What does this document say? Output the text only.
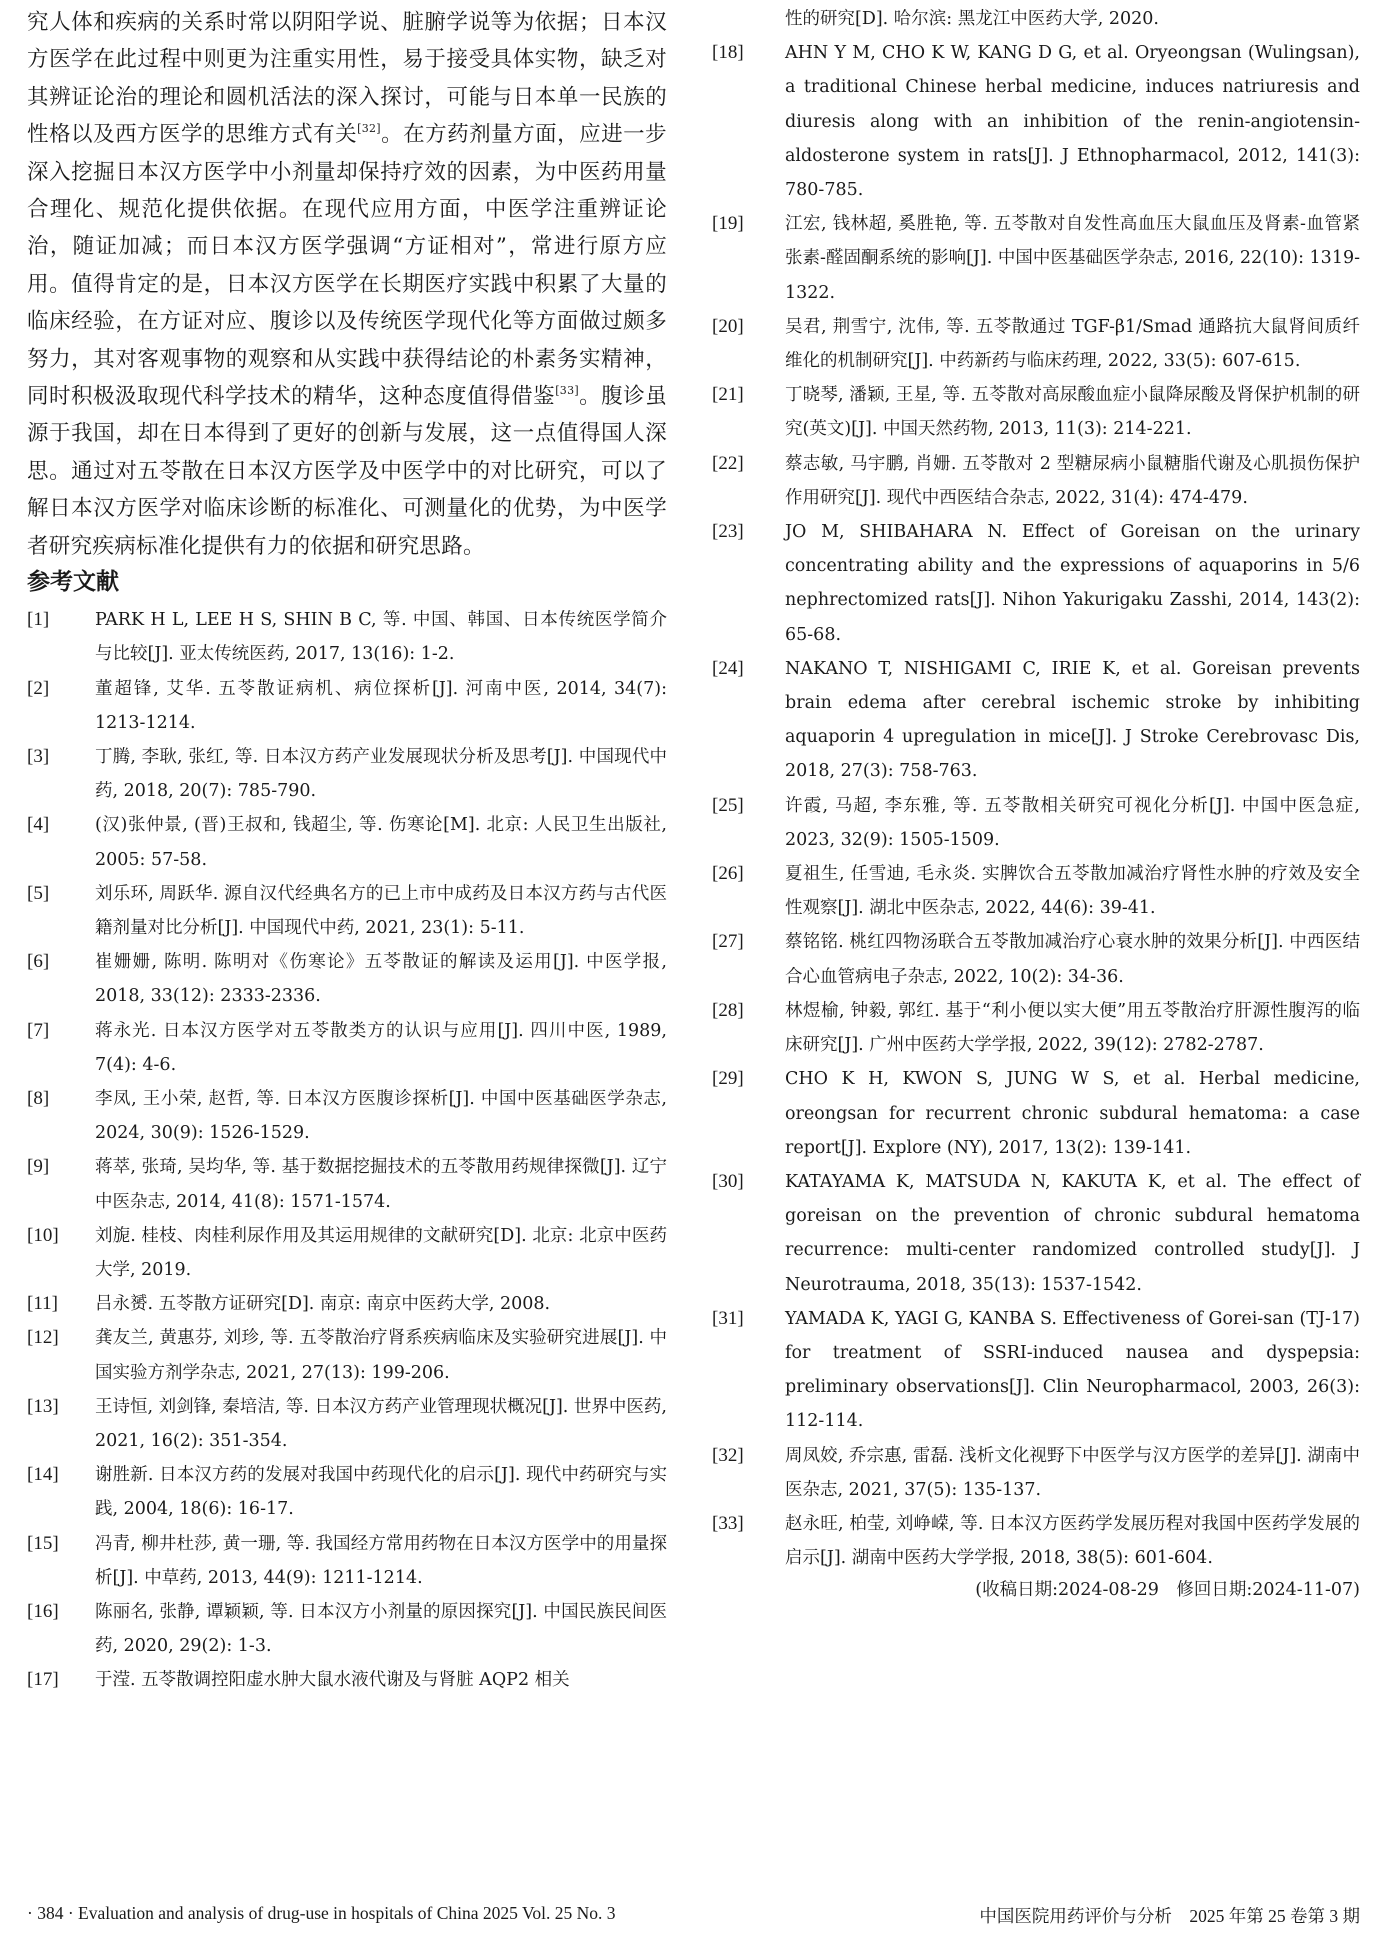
究人体和疾病的关系时常以阴阳学说、脏腑学说等为依据；日本汉方医学在此过程中则更为注重实用性，易于接受具体实物，缺乏对其辨证论治的理论和圆机活法的深入探讨，可能与日本单一民族的性格以及西方医学的思维方式有关[32]。在方药剂量方面，应进一步深入挖掘日本汉方医学中小剂量却保持疗效的因素，为中医药用量合理化、规范化提供依据。在现代应用方面，中医学注重辨证论治，随证加减；而日本汉方医学强调“方证相对”，常进行原方应用。值得肯定的是，日本汉方医学在长期医疗实践中积累了大量的临床经验，在方证对应、腹诊以及传统医学现代化等方面做过颇多努力，其对客观事物的观察和从实践中获得结论的朴素务实精神，同时积极汲取现代科学技术的精华，这种态度值得借鉴[33]。腹诊虽源于我国，却在日本得到了更好的创新与发展，这一点值得国人深思。通过对五苓散在日本汉方医学及中医学中的对比研究，可以了解日本汉方医学对临床诊断的标准化、可测量化的优势，为中医学者研究疾病标准化提供有力的依据和研究思路。

参考文献
[1]	PARK H L, LEE H S, SHIN B C, 等. 中国、韩国、日本传统医学简介与比较[J]. 亚太传统医药, 2017, 13(16): 1-2.
[2]	董超锋, 艾华. 五苓散证病机、病位探析[J]. 河南中医, 2014, 34(7): 1213-1214.
[3]	丁腾, 李耿, 张红, 等. 日本汉方药产业发展现状分析及思考[J]. 中国现代中药, 2018, 20(7): 785-790.
[4]	(汉)张仲景, (晋)王叔和, 钱超尘, 等. 伤寒论[M]. 北京: 人民卫生出版社, 2005: 57-58.
[5]	刘乐环, 周跃华. 源自汉代经典名方的已上市中成药及日本汉方药与古代医籍剂量对比分析[J]. 中国现代中药, 2021, 23(1): 5-11.
[6]	崔姗姗, 陈明. 陈明对《伤寒论》五苓散证的解读及运用[J]. 中医学报, 2018, 33(12): 2333-2336.
[7]	蒋永光. 日本汉方医学对五苓散类方的认识与应用[J]. 四川中医, 1989, 7(4): 4-6.
[8]	李凤, 王小荣, 赵哲, 等. 日本汉方医腹诊探析[J]. 中国中医基础医学杂志, 2024, 30(9): 1526-1529.
[9]	蒋萃, 张琦, 吴均华, 等. 基于数据挖掘技术的五苓散用药规律探微[J]. 辽宁中医杂志, 2014, 41(8): 1571-1574.
[10] 刘旎. 桂枝、肉桂利尿作用及其运用规律的文献研究[D]. 北京: 北京中医药大学, 2019.
[11] 吕永赟. 五苓散方证研究[D]. 南京: 南京中医药大学, 2008.
[12] 龚友兰, 黄惠芬, 刘珍, 等. 五苓散治疗肾系疾病临床及实验研究进展[J]. 中国实验方剂学杂志, 2021, 27(13): 199-206.
[13] 王诗恒, 刘剑锋, 秦培洁, 等. 日本汉方药产业管理现状概况[J]. 世界中医药, 2021, 16(2): 351-354.
[14] 谢胜新. 日本汉方药的发展对我国中药现代化的启示[J]. 现代中药研究与实践, 2004, 18(6): 16-17.
[15] 冯青, 柳井杜莎, 黄一珊, 等. 我国经方常用药物在日本汉方医学中的用量探析[J]. 中草药, 2013, 44(9): 1211-1214.
[16] 陈丽名, 张静, 谭颖颖, 等. 日本汉方小剂量的原因探究[J]. 中国民族民间医药, 2020, 29(2): 1-3.
[17] 于滢. 五苓散调控阳虚水肿大鼠水液代谢及与肾脏 AQP2 相关
性的研究[D]. 哈尔滨: 黑龙江中医药大学, 2020.
[18] AHN Y M, CHO K W, KANG D G, et al. Oryeongsan (Wulingsan), a traditional Chinese herbal medicine, induces natriuresis and diuresis along with an inhibition of the renin-angiotensin-aldosterone system in rats[J]. J Ethnopharmacol, 2012, 141(3): 780-785.
[19] 江宏, 钱林超, 奚胜艳, 等. 五苓散对自发性高血压大鼠血压及肾素-血管紧张素-醛固酮系统的影响[J]. 中国中医基础医学杂志, 2016, 22(10): 1319-1322.
[20] 吴君, 荆雪宁, 沈伟, 等. 五苓散通过 TGF-β1/Smad 通路抗大鼠肾间质纤维化的机制研究[J]. 中药新药与临床药理, 2022, 33(5): 607-615.
[21] 丁晓琴, 潘颖, 王星, 等. 五苓散对高尿酸血症小鼠降尿酸及肾保护机制的研究(英文)[J]. 中国天然药物, 2013, 11(3): 214-221.
[22] 蔡志敏, 马宇鹏, 肖姗. 五苓散对 2 型糖尿病小鼠糖脂代谢及心肌损伤保护作用研究[J]. 现代中西医结合杂志, 2022, 31(4): 474-479.
[23] JO M, SHIBAHARA N. Effect of Goreisan on the urinary concentrating ability and the expressions of aquaporins in 5/6 nephrectomized rats[J]. Nihon Yakurigaku Zasshi, 2014, 143(2): 65-68.
[24] NAKANO T, NISHIGAMI C, IRIE K, et al. Goreisan prevents brain edema after cerebral ischemic stroke by inhibiting aquaporin 4 upregulation in mice[J]. J Stroke Cerebrovasc Dis, 2018, 27(3): 758-763.
[25] 许霞, 马超, 李东雅, 等. 五苓散相关研究可视化分析[J]. 中国中医急症, 2023, 32(9): 1505-1509.
[26] 夏祖生, 任雪迪, 毛永炎. 实脾饮合五苓散加减治疗肾性水肿的疗效及安全性观察[J]. 湖北中医杂志, 2022, 44(6): 39-41.
[27] 蔡铭铭. 桃红四物汤联合五苓散加减治疗心衰水肿的效果分析[J]. 中西医结合心血管病电子杂志, 2022, 10(2): 34-36.
[28] 林煜榆, 钟毅, 郭红. 基于“利小便以实大便”用五苓散治疗肝源性腹泻的临床研究[J]. 广州中医药大学学报, 2022, 39(12): 2782-2787.
[29] CHO K H, KWON S, JUNG W S, et al. Herbal medicine, oreongsan for recurrent chronic subdural hematoma: a case report[J]. Explore (NY), 2017, 13(2): 139-141.
[30] KATAYAMA K, MATSUDA N, KAKUTA K, et al. The effect of goreisan on the prevention of chronic subdural hematoma recurrence: multi-center randomized controlled study[J]. J Neurotrauma, 2018, 35(13): 1537-1542.
[31] YAMADA K, YAGI G, KANBA S. Effectiveness of Gorei-san (TJ-17) for treatment of SSRI-induced nausea and dyspepsia: preliminary observations[J]. Clin Neuropharmacol, 2003, 26(3): 112-114.
[32] 周凤姣, 乔宗惠, 雷磊. 浅析文化视野下中医学与汉方医学的差异[J]. 湖南中医杂志, 2021, 37(5): 135-137.
[33] 赵永旺, 柏莹, 刘峥嵘, 等. 日本汉方医药学发展历程对我国中医药学发展的启示[J]. 湖南中医药大学学报, 2018, 38(5): 601-604.
(收稿日期:2024-08-29　修回日期:2024-11-07)
· 384 · Evaluation and analysis of drug-use in hospitals of China 2025 Vol. 25 No. 3	中国医院用药评价与分析　2025 年第 25 卷第 3 期
